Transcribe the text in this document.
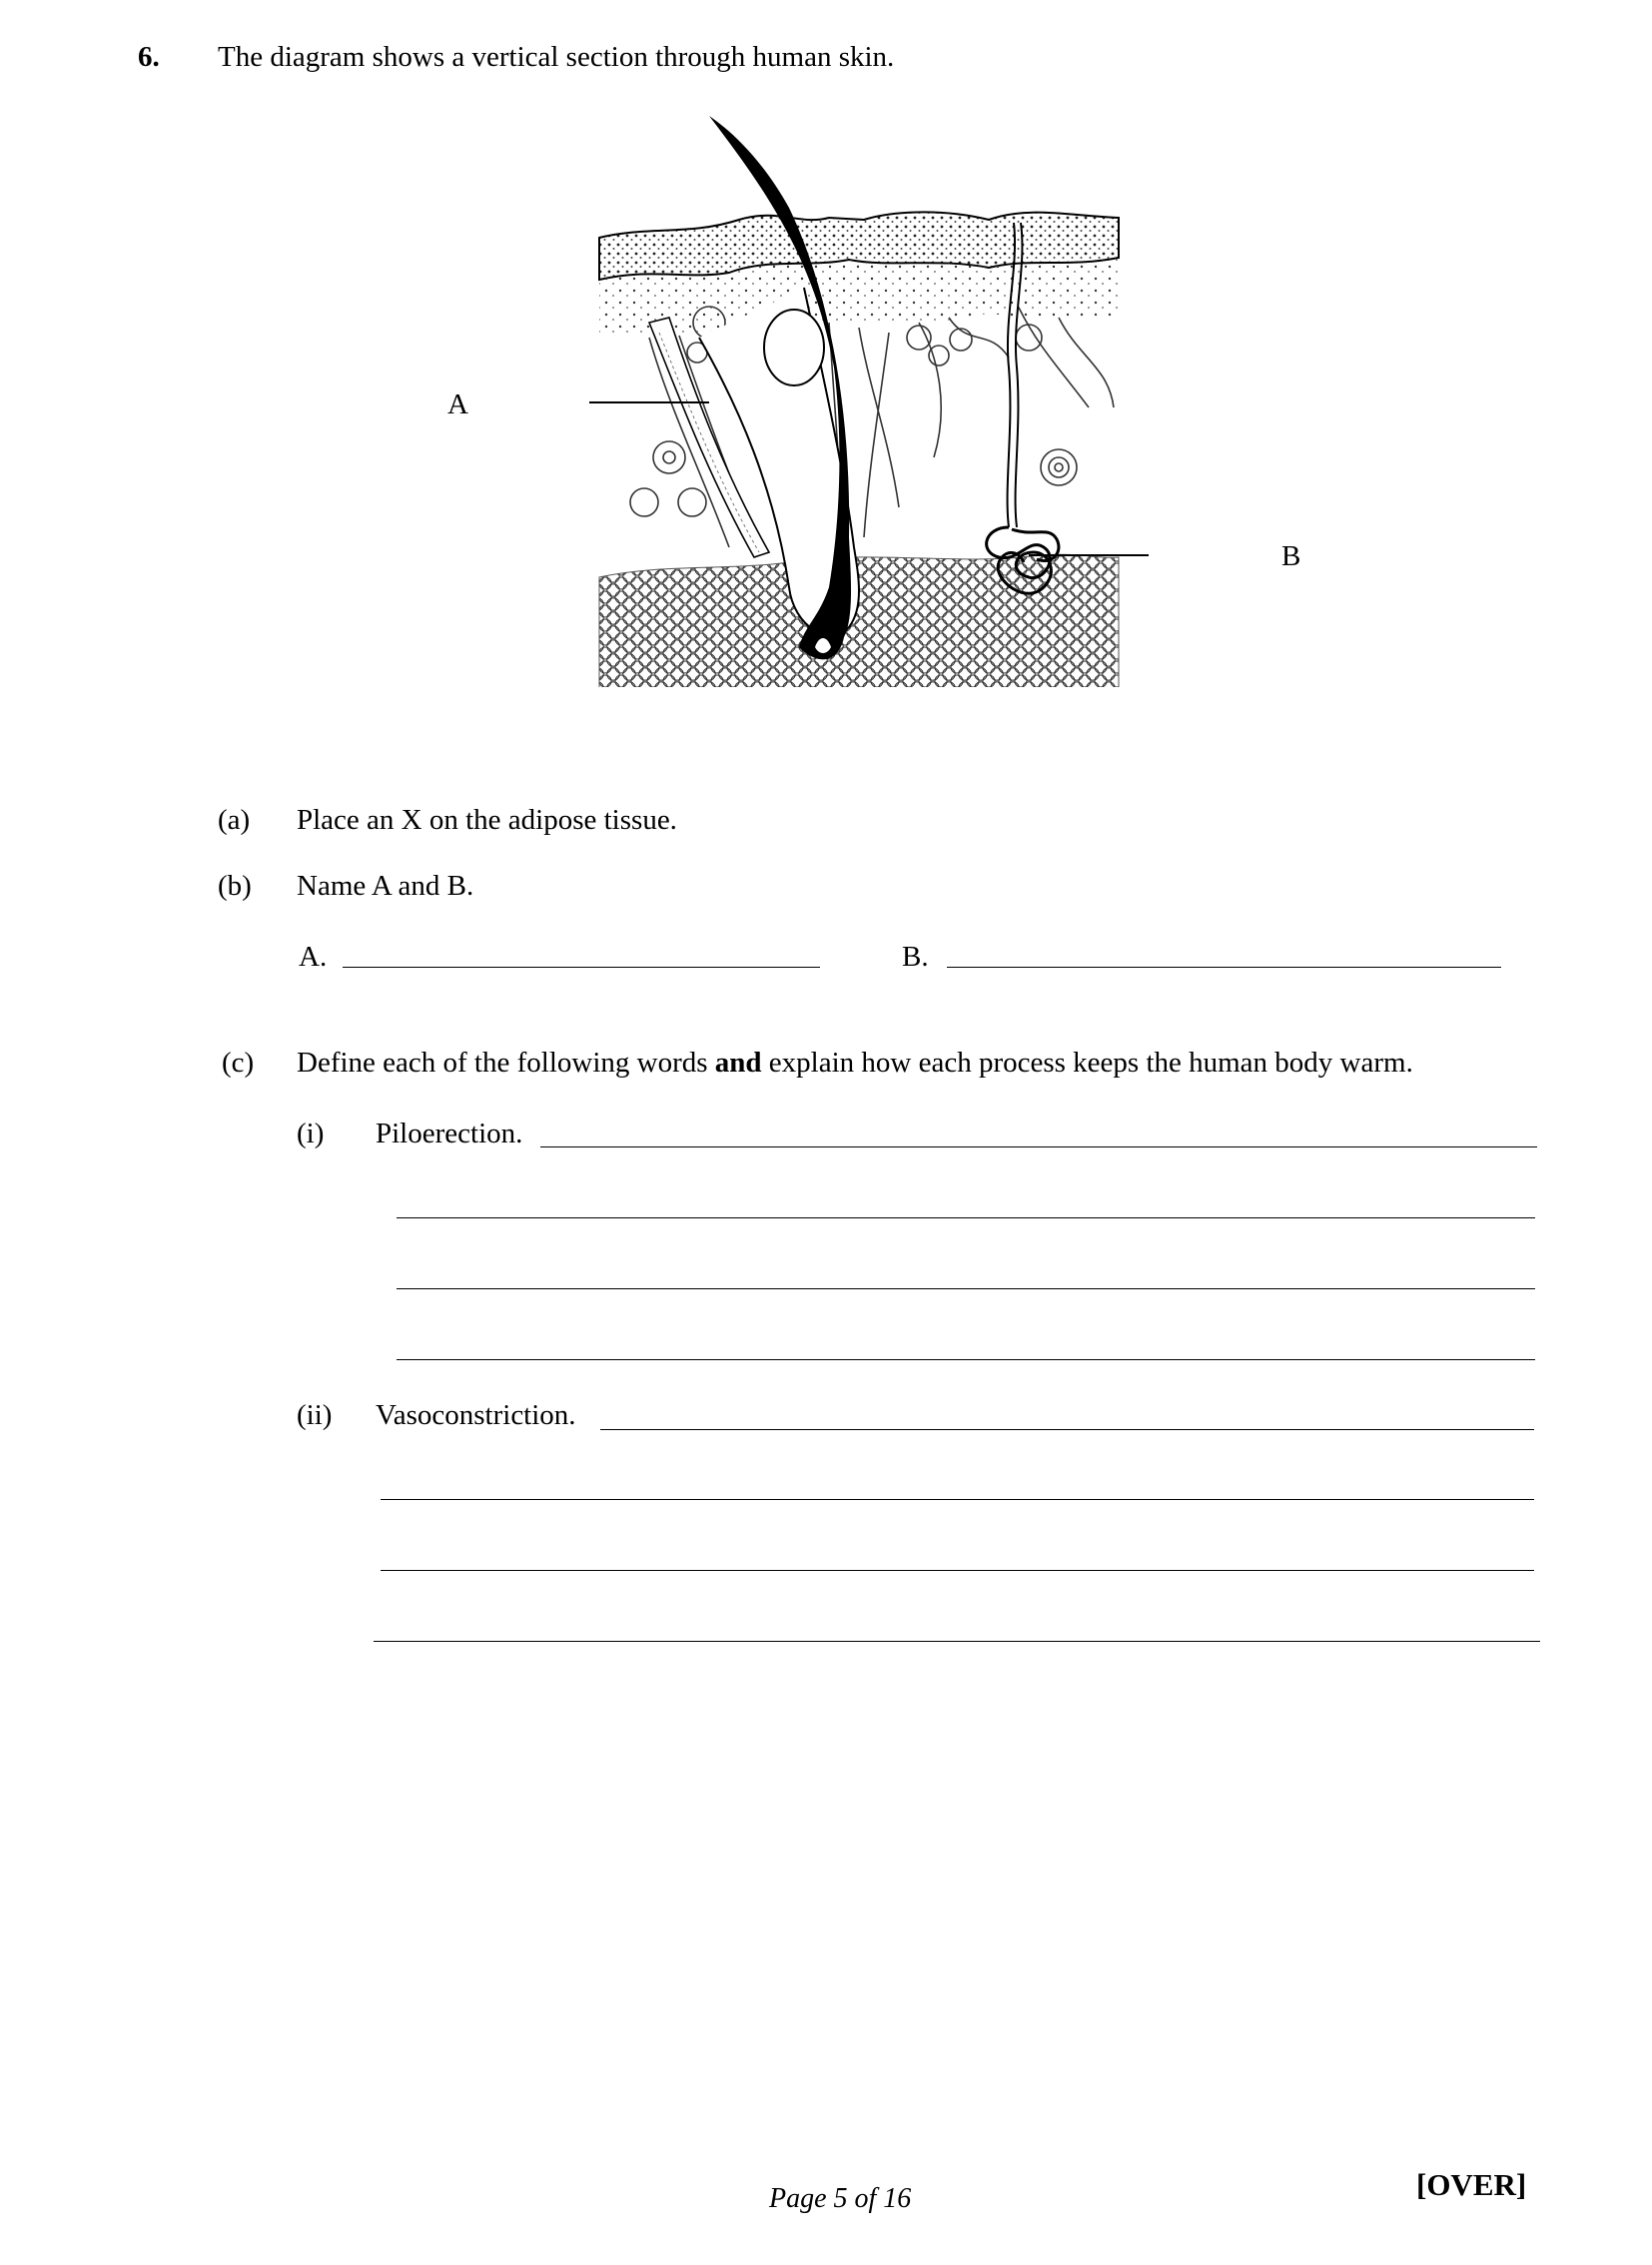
6. The diagram shows a vertical section through human skin.
A
B
(a) Place an X on the adipose tissue.
(b) Name A and B.
A.	B.
(c) Define each of the following words and explain how each process keeps the human body warm.
(i) Piloerection.
(ii) Vasoconstriction.
Page 5 of 16	[OVER]
